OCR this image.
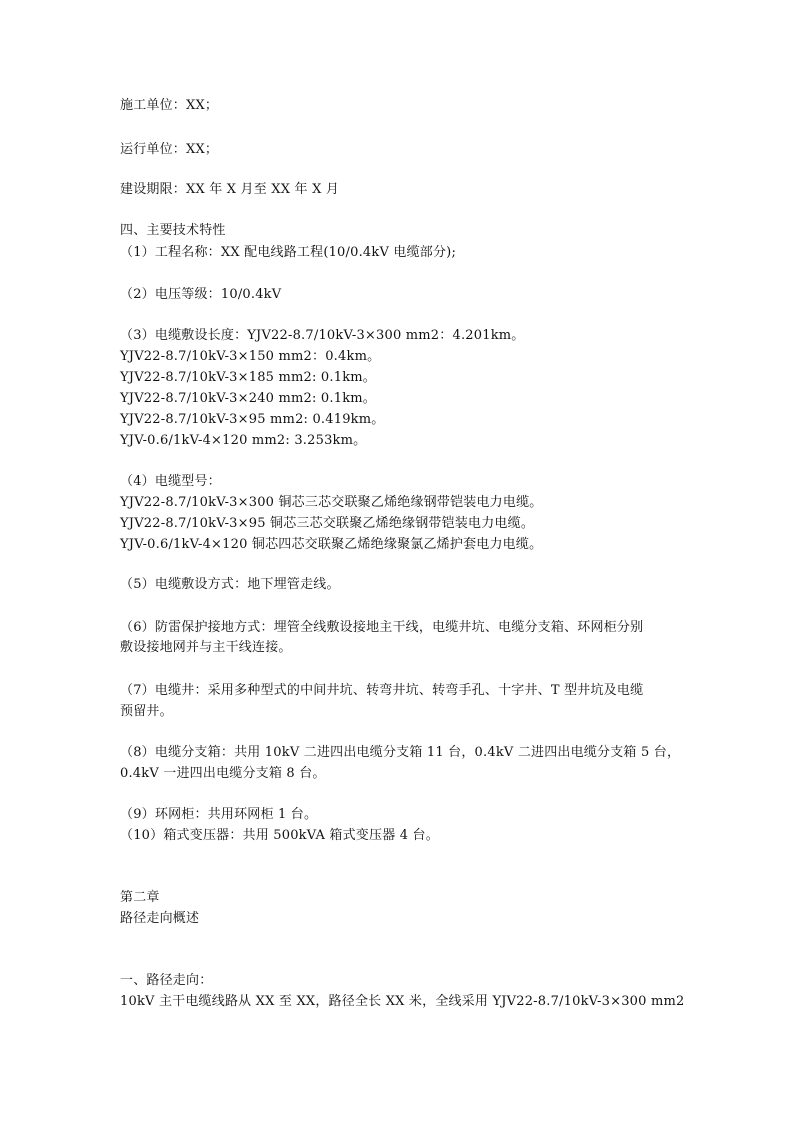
施工单位：XX；
运行单位：XX；
建设期限：XX 年 X 月至 XX 年 X 月
四、主要技术特性
（1）工程名称：XX 配电线路工程(10/0.4kV 电缆部分);
（2）电压等级：10/0.4kV
（3）电缆敷设长度：YJV22-8.7/10kV-3×300 mm2：4.201km。
YJV22-8.7/10kV-3×150 mm2：0.4km。
YJV22-8.7/10kV-3×185 mm2: 0.1km。
YJV22-8.7/10kV-3×240 mm2: 0.1km。
YJV22-8.7/10kV-3×95 mm2: 0.419km。
YJV-0.6/1kV-4×120 mm2: 3.253km。
（4）电缆型号：
YJV22-8.7/10kV-3×300 铜芯三芯交联聚乙烯绝缘钢带铠装电力电缆。
YJV22-8.7/10kV-3×95 铜芯三芯交联聚乙烯绝缘钢带铠装电力电缆。
YJV-0.6/1kV-4×120 铜芯四芯交联聚乙烯绝缘聚氯乙烯护套电力电缆。
（5）电缆敷设方式：地下埋管走线。
（6）防雷保护接地方式：埋管全线敷设接地主干线，电缆井坑、电缆分支箱、环网柜分别
敷设接地网并与主干线连接。
（7）电缆井：采用多种型式的中间井坑、转弯井坑、转弯手孔、十字井、T 型井坑及电缆
预留井。
（8）电缆分支箱：共用 10kV 二进四出电缆分支箱 11 台，0.4kV 二进四出电缆分支箱 5 台，
0.4kV 一进四出电缆分支箱 8 台。
（9）环网柜：共用环网柜 1 台。
（10）箱式变压器：共用 500kVA 箱式变压器 4 台。
第二章
路径走向概述
一、路径走向：
10kV 主干电缆线路从 XX 至 XX，路径全长 XX 米，全线采用 YJV22-8.7/10kV-3×300 mm2
